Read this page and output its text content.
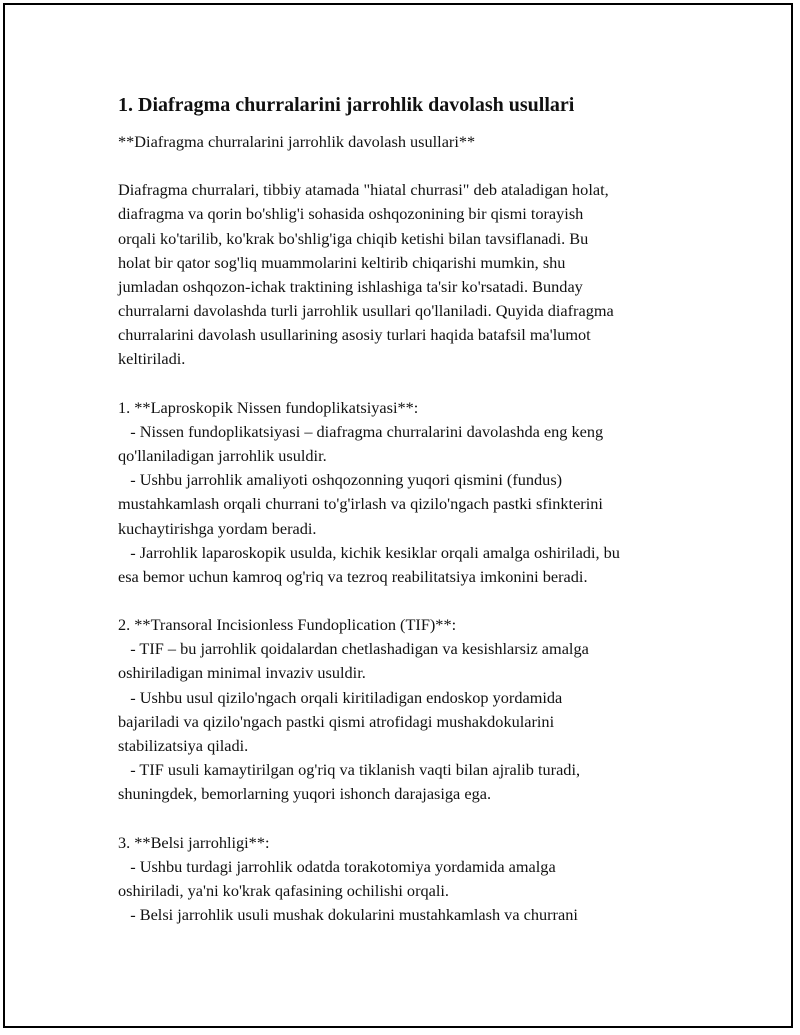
1. Diafragma churralarini jarrohlik davolash usullari

**Diafragma churralarini jarrohlik davolash usullari**

Diafragma churralari, tibbiy atamada "hiatal churrasi" deb ataladigan holat,
diafragma va qorin bo'shlig'i sohasida oshqozonining bir qismi torayish
orqali ko'tarilib, ko'krak bo'shlig'iga chiqib ketishi bilan tavsiflanadi. Bu
holat bir qator sog'liq muammolarini keltirib chiqarishi mumkin, shu
jumladan oshqozon-ichak traktining ishlashiga ta'sir ko'rsatadi. Bunday
churralarni davolashda turli jarrohlik usullari qo'llaniladi. Quyida diafragma
churralarini davolash usullarining asosiy turlari haqida batafsil ma'lumot
keltiriladi.

1. **Laproskopik Nissen fundoplikatsiyasi**:
- Nissen fundoplikatsiyasi – diafragma churralarini davolashda eng keng
qo'llaniladigan jarrohlik usuldir.
- Ushbu jarrohlik amaliyoti oshqozonning yuqori qismini (fundus)
mustahkamlash orqali churrani to'g'irlash va qizilo'ngach pastki sfinkterini
kuchaytirishga yordam beradi.
- Jarrohlik laparoskopik usulda, kichik kesiklar orqali amalga oshiriladi, bu
esa bemor uchun kamroq og'riq va tezroq reabilitatsiya imkonini beradi.

2. **Transoral Incisionless Fundoplication (TIF)**:
- TIF – bu jarrohlik qoidalardan chetlashadigan va kesishlarsiz amalga
oshiriladigan minimal invaziv usuldir.
- Ushbu usul qizilo'ngach orqali kiritiladigan endoskop yordamida
bajariladi va qizilo'ngach pastki qismi atrofidagi mushakdokularini
stabilizatsiya qiladi.
- TIF usuli kamaytirilgan og'riq va tiklanish vaqti bilan ajralib turadi,
shuningdek, bemorlarning yuqori ishonch darajasiga ega.

3. **Belsi jarrohligi**:
- Ushbu turdagi jarrohlik odatda torakotomiya yordamida amalga
oshiriladi, ya'ni ko'krak qafasining ochilishi orqali.
- Belsi jarrohlik usuli mushak dokularini mustahkamlash va churrani
